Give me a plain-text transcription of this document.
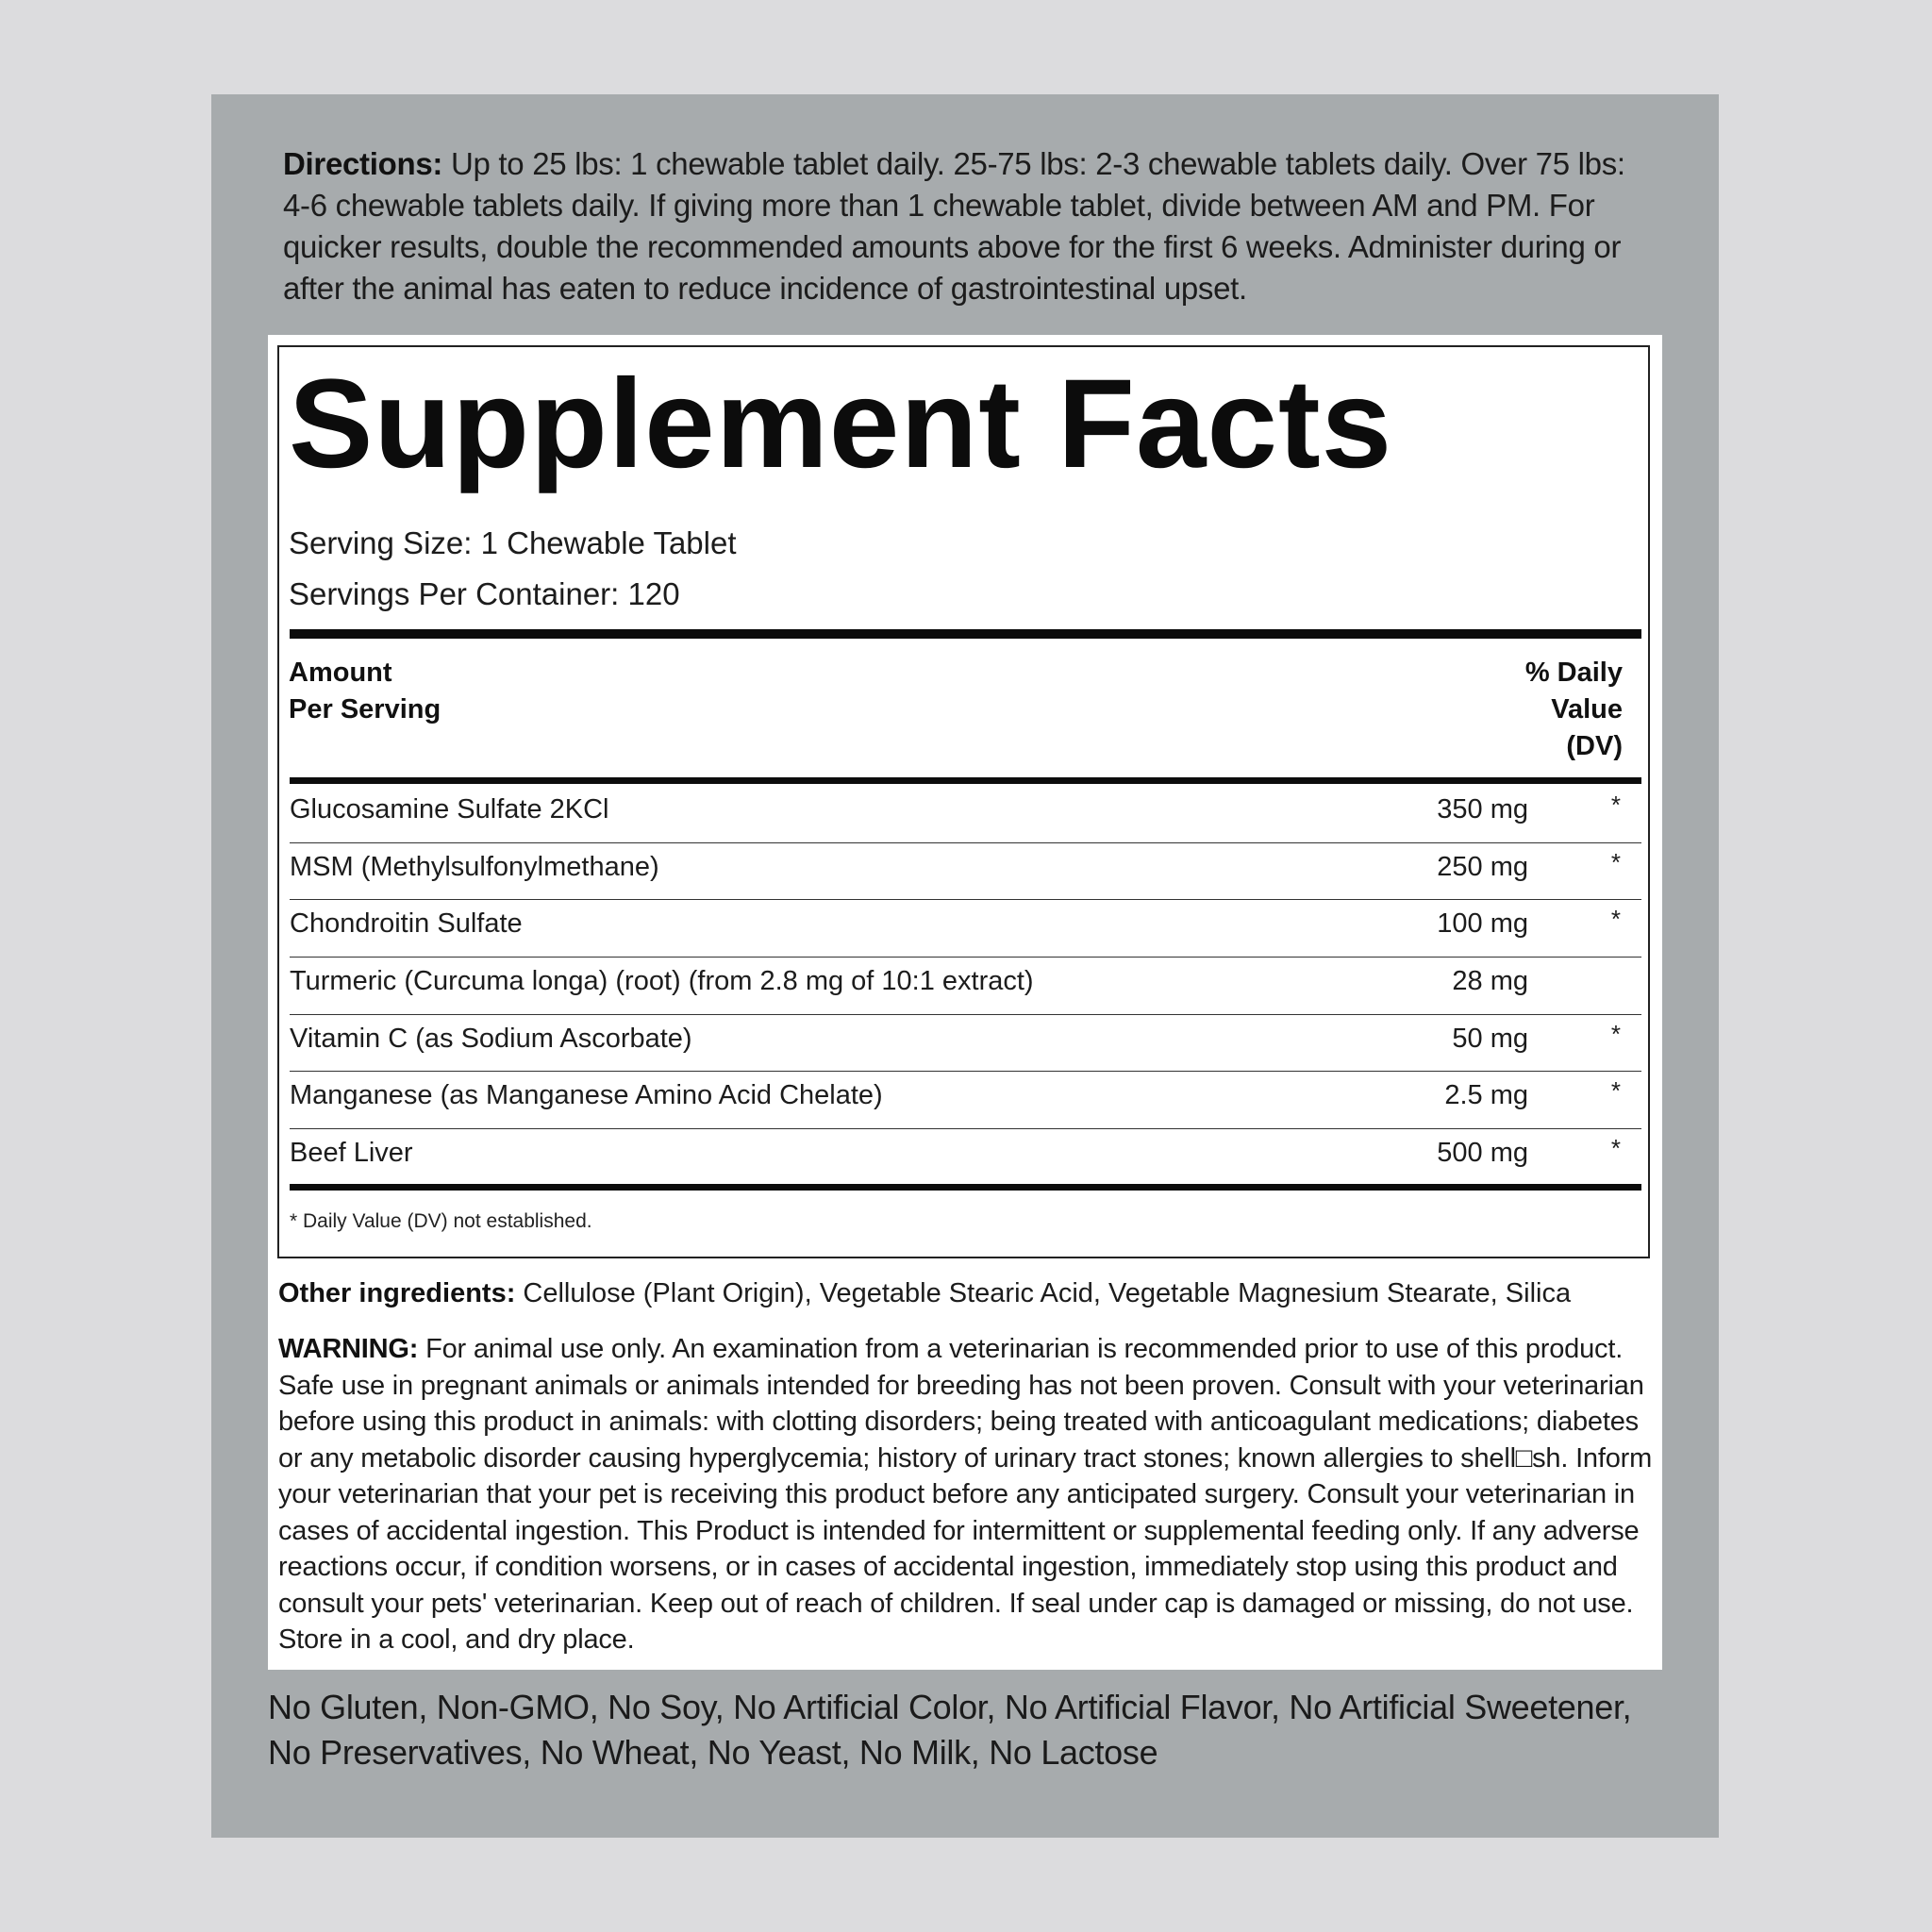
Directions: Up to 25 lbs: 1 chewable tablet daily. 25-75 lbs: 2-3 chewable tablets daily. Over 75 lbs: 4-6 chewable tablets daily. If giving more than 1 chewable tablet, divide between AM and PM. For quicker results, double the recommended amounts above for the first 6 weeks. Administer during or after the animal has eaten to reduce incidence of gastrointestinal upset.
Supplement Facts
Serving Size: 1 Chewable Tablet
Servings Per Container: 120
Amount
Per Serving
% Daily
Value
(DV)
Glucosamine Sulfate 2KCl	350 mg	*
MSM (Methylsulfonylmethane)	250 mg	*
Chondroitin Sulfate	100 mg	*
Turmeric (Curcuma longa) (root) (from 2.8 mg of 10:1 extract)	28 mg
Vitamin C (as Sodium Ascorbate)	50 mg	*
Manganese (as Manganese Amino Acid Chelate)	2.5 mg	*
Beef Liver	500 mg	*
* Daily Value (DV) not established.
Other ingredients: Cellulose (Plant Origin), Vegetable Stearic Acid, Vegetable Magnesium Stearate, Silica
WARNING: For animal use only. An examination from a veterinarian is recommended prior to use of this product. Safe use in pregnant animals or animals intended for breeding has not been proven. Consult with your veterinarian before using this product in animals: with clotting disorders; being treated with anticoagulant medications; diabetes or any metabolic disorder causing hyperglycemia; history of urinary tract stones; known allergies to shell□sh. Inform your veterinarian that your pet is receiving this product before any anticipated surgery. Consult your veterinarian in cases of accidental ingestion. This Product is intended for intermittent or supplemental feeding only. If any adverse reactions occur, if condition worsens, or in cases of accidental ingestion, immediately stop using this product and consult your pets' veterinarian. Keep out of reach of children. If seal under cap is damaged or missing, do not use. Store in a cool, and dry place.
No Gluten, Non-GMO, No Soy, No Artificial Color, No Artificial Flavor, No Artificial Sweetener, No Preservatives, No Wheat, No Yeast, No Milk, No Lactose
